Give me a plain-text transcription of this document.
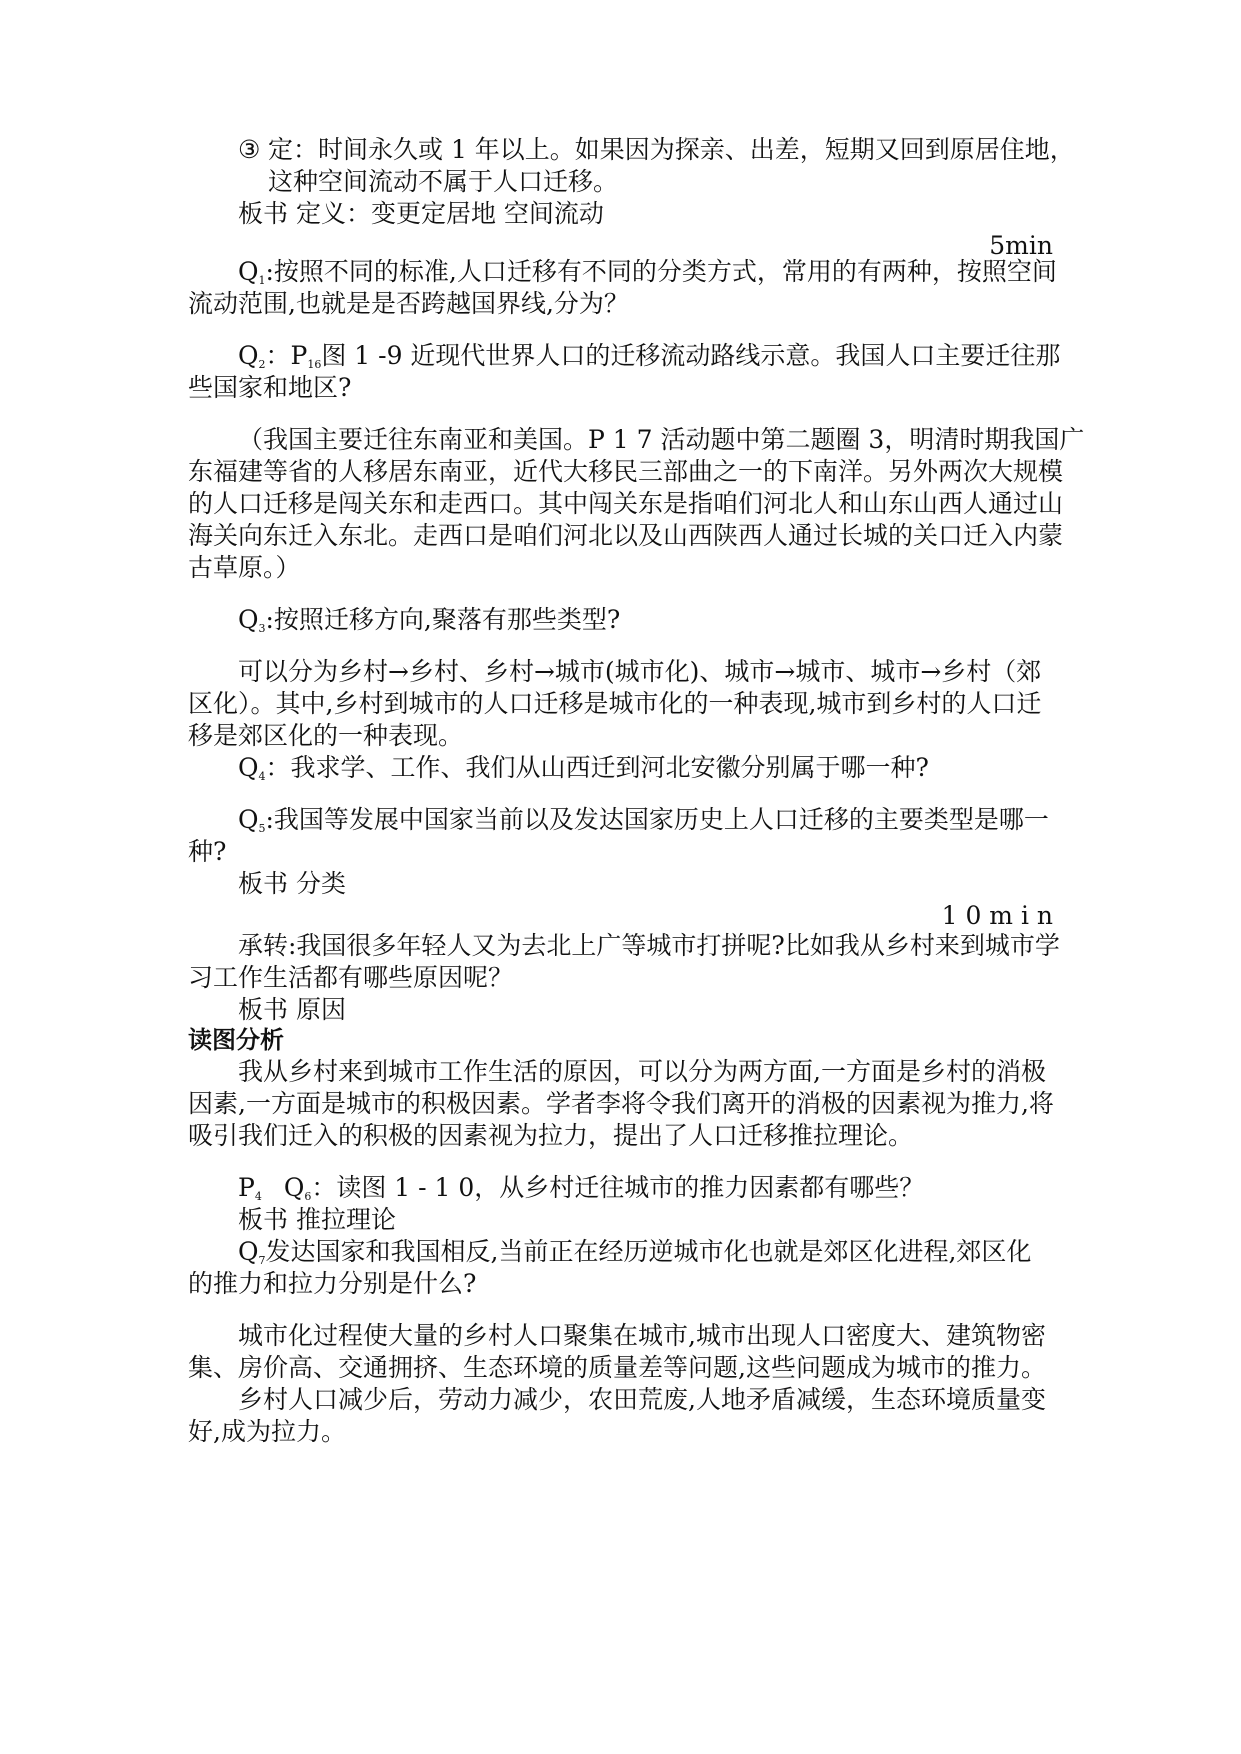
③ 定：时间永久或 1 年以上。如果因为探亲、出差，短期又回到原居住地，
这种空间流动不属于人口迁移。
板书 定义：变更定居地 空间流动
5min
$Q_1$:按照不同的标准,人口迁移有不同的分类方式，常用的有两种，按照空间
流动范围,也就是是否跨越国界线,分为？
$Q_2$：$P_{16}$图 1 -9 近现代世界人口的迁移流动路线示意。我国人口主要迁往那
些国家和地区?
（我国主要迁往东南亚和美国。P 1 7 活动题中第二题圈 3，明清时期我国广
东福建等省的人移居东南亚，近代大移民三部曲之一的下南洋。另外两次大规模
的人口迁移是闯关东和走西口。其中闯关东是指咱们河北人和山东山西人通过山
海关向东迁入东北。走西口是咱们河北以及山西陕西人通过长城的关口迁入内蒙
古草原。）
$Q_3$:按照迁移方向,聚落有那些类型?
可以分为乡村→乡村、乡村→城市(城市化)、城市→城市、城市→乡村（郊
区化）。其中,乡村到城市的人口迁移是城市化的一种表现,城市到乡村的人口迁
移是郊区化的一种表现。
$Q_4$：我求学、工作、我们从山西迁到河北安徽分别属于哪一种?
$Q_5$:我国等发展中国家当前以及发达国家历史上人口迁移的主要类型是哪一
种?
板书 分类
1 0 m i n
承转:我国很多年轻人又为去北上广等城市打拼呢?比如我从乡村来到城市学
习工作生活都有哪些原因呢？
板书 原因
读图分析
我从乡村来到城市工作生活的原因，可以分为两方面,一方面是乡村的消极
因素,一方面是城市的积极因素。学者李将令我们离开的消极的因素视为推力,将
吸引我们迁入的积极的因素视为拉力，提出了人口迁移推拉理论。
$P_4$ $Q_6$：读图 1 - 1 0，从乡村迁往城市的推力因素都有哪些？
板书 推拉理论
$Q_7$发达国家和我国相反,当前正在经历逆城市化也就是郊区化进程,郊区化
的推力和拉力分别是什么?
城市化过程使大量的乡村人口聚集在城市,城市出现人口密度大、建筑物密
集、房价高、交通拥挤、生态环境的质量差等问题,这些问题成为城市的推力。
乡村人口减少后，劳动力减少，农田荒废,人地矛盾减缓，生态环境质量变
好,成为拉力。
